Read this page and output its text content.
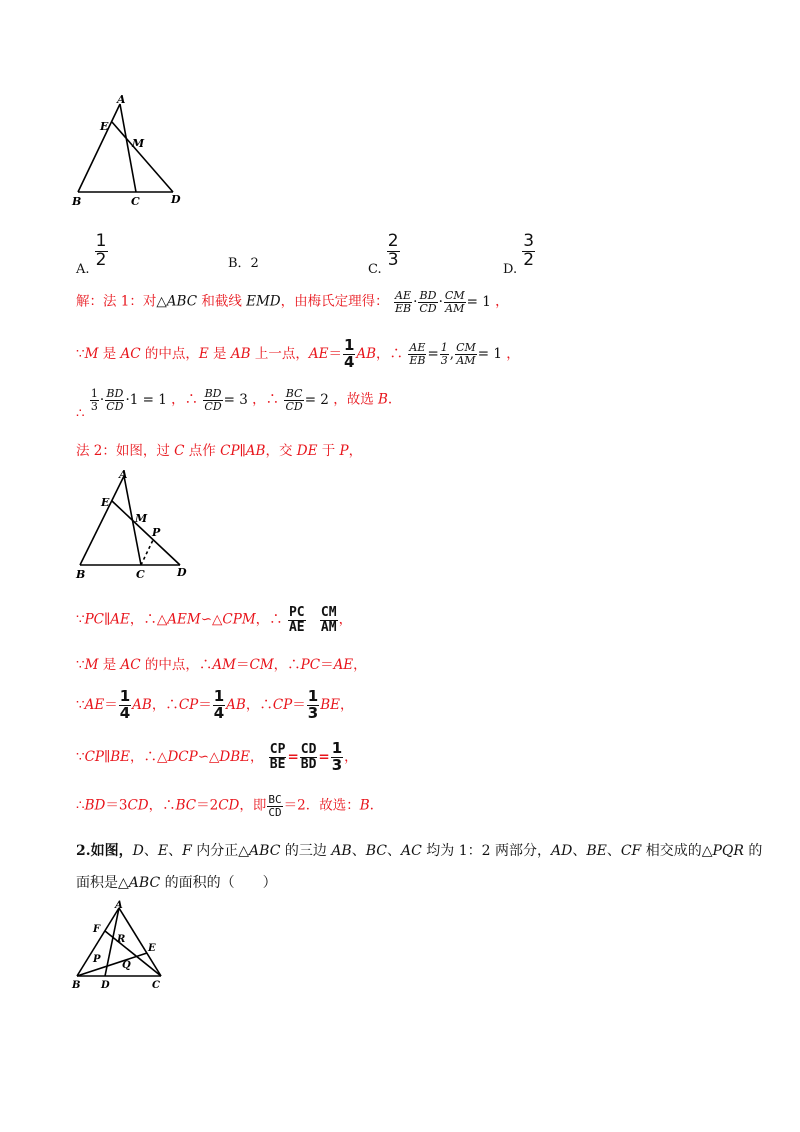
A
E
M
B	C	D
A. $\frac{1}{2}$	B．2	C. $\frac{2}{3}$	D. $\frac{3}{2}$
解：法 1：对△ABC 和截线 EMD，由梅氏定理得： $\frac{AE}{EB} \cdot \frac{BD}{CD} \cdot \frac{CM}{AM} = 1$ ，
∵M 是 AC 的中点，E 是 AB 上一点，$AE= \frac{1}{4}$ AB，∴ $\frac{AE}{EB} = \frac{1}{3}$ , $\frac{CM}{AM} = 1$ ，
∴
$\frac{1}{3} \cdot \frac{BD}{CD} \cdot 1 = 1$ ，∴ $\frac{BD}{CD} = 3$ ，∴ $\frac{BC}{CD} = 2$ ，故选 B.
法 2：如图，过 C 点作 CP∥AB，交 DE 于 P，
A
E
M
P
B	C	D
∵PC∥AE，∴△AEM∽△CPM，∴ $\frac{PC}{AE}$
$\frac{CM}{AM}$ ，
∵M 是 AC 的中点，∴AM＝CM，∴PC＝AE，
∵AE＝ $\frac{1}{4}$ AB，∴CP＝ $\frac{1}{4}$ AB，∴CP＝ $\frac{1}{3}$ BE，
∵CP∥BE，∴△DCP∽△DBE， $\frac{CP}{BE} = \frac{CD}{BD} = \frac{1}{3}$ ，
∴BD＝3CD，∴BC＝2CD，即 $\frac{BC}{CD} =2$．故选：B.
2.如图，D、E、F 内分正△ABC 的三边 AB、BC、AC 均为 1：2 两部分，AD、BE、CF 相交成的△PQR 的
面积是△ABC 的面积的（　　）
A
F
R
E
P
Q
B D	C
